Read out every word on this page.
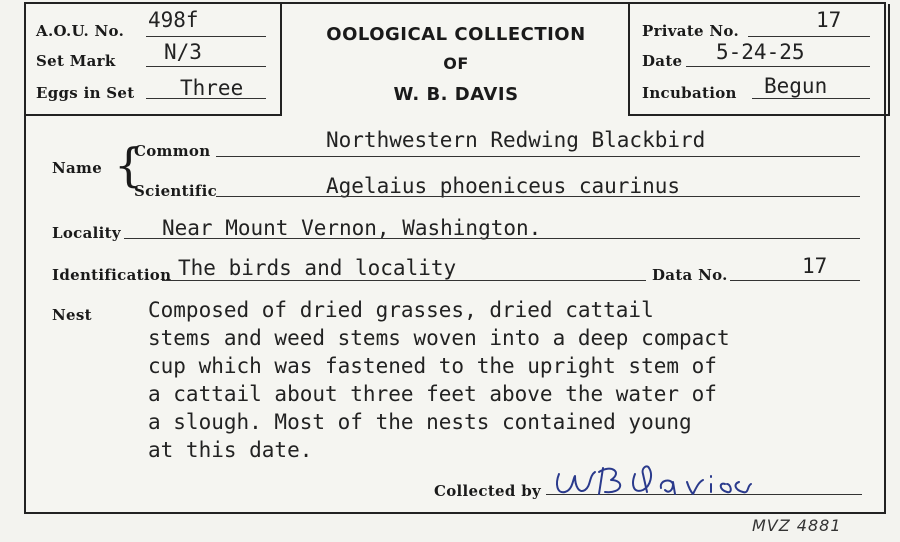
A.O.U. No. 498f
Set Mark N/3
Eggs in Set Three
OOLOGICAL COLLECTION
OF
W. B. DAVIS
Private No.	17
Date 5-24-25
Incubation Begun
Name {
Common	Northwestern Redwing Blackbird
Scientific	Agelaius phoeniceus caurinus
Locality Near Mount Vernon, Washington.
Identification The birds and locality	Data No.	17
Nest	Composed of dried grasses, dried cattail
stems and weed stems woven into a deep compact
cup which was fastened to the upright stem of
a cattail about three feet above the water of
a slough. Most of the nests contained young
at this date.
Collected by
MVZ 4881
